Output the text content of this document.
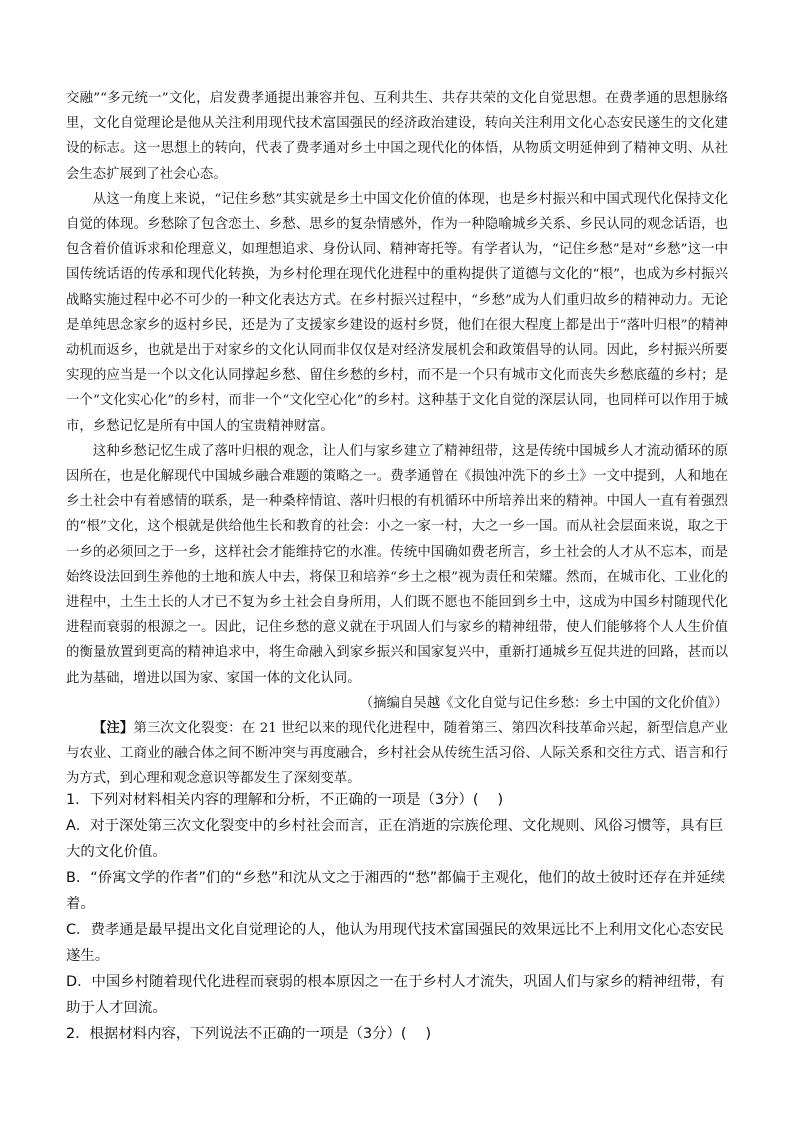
交融”“多元统一”文化，启发费孝通提出兼容并包、互利共生、共存共荣的文化自觉思想。在费孝通的思想脉络里，文化自觉理论是他从关注利用现代技术富国强民的经济政治建设，转向关注利用文化心态安民遂生的文化建设的标志。这一思想上的转向，代表了费孝通对乡土中国之现代化的体悟，从物质文明延伸到了精神文明、从社会生态扩展到了社会心态。

从这一角度上来说，“记住乡愁”其实就是乡土中国文化价值的体现，也是乡村振兴和中国式现代化保持文化自觉的体现。乡愁除了包含恋土、乡愁、思乡的复杂情感外，作为一种隐喻城乡关系、乡民认同的观念话语，也包含着价值诉求和伦理意义，如理想追求、身份认同、精神寄托等。有学者认为，“记住乡愁”是对“乡愁”这一中国传统话语的传承和现代化转换，为乡村伦理在现代化进程中的重构提供了道德与文化的“根”，也成为乡村振兴战略实施过程中必不可少的一种文化表达方式。在乡村振兴过程中，“乡愁”成为人们重归故乡的精神动力。无论是单纯思念家乡的返村乡民，还是为了支援家乡建设的返村乡贤，他们在很大程度上都是出于“落叶归根”的精神动机而返乡，也就是出于对家乡的文化认同而非仅仅是对经济发展机会和政策倡导的认同。因此，乡村振兴所要实现的应当是一个以文化认同撑起乡愁、留住乡愁的乡村，而不是一个只有城市文化而丧失乡愁底蕴的乡村；是一个“文化实心化”的乡村，而非一个“文化空心化”的乡村。这种基于文化自觉的深层认同，也同样可以作用于城市，乡愁记忆是所有中国人的宝贵精神财富。

这种乡愁记忆生成了落叶归根的观念，让人们与家乡建立了精神纽带，这是传统中国城乡人才流动循环的原因所在，也是化解现代中国城乡融合难题的策略之一。费孝通曾在《损蚀冲洗下的乡土》一文中提到，人和地在乡土社会中有着感情的联系，是一种桑梓情谊、落叶归根的有机循环中所培养出来的精神。中国人一直有着强烈的“根”文化，这个根就是供给他生长和教育的社会：小之一家一村，大之一乡一国。而从社会层面来说，取之于一乡的必须回之于一乡，这样社会才能维持它的水准。传统中国确如费老所言，乡土社会的人才从不忘本，而是始终设法回到生养他的土地和族人中去，将保卫和培养“乡土之根”视为责任和荣耀。然而，在城市化、工业化的进程中，土生土长的人才已不复为乡土社会自身所用，人们既不愿也不能回到乡土中，这成为中国乡村随现代化进程而衰弱的根源之一。因此，记住乡愁的意义就在于巩固人们与家乡的精神纽带，使人们能够将个人人生价值的衡量放置到更高的精神追求中，将生命融入到家乡振兴和国家复兴中，重新打通城乡互促共进的回路，甚而以此为基础，增进以国为家、家国一体的文化认同。

（摘编自吴越《文化自觉与记住乡愁：乡土中国的文化价值》）

【注】第三次文化裂变：在 21 世纪以来的现代化进程中，随着第三、第四次科技革命兴起，新型信息产业与农业、工商业的融合体之间不断冲突与再度融合，乡村社会从传统生活习俗、人际关系和交往方式、语言和行为方式，到心理和观念意识等都发生了深刻变革。

1．下列对材料相关内容的理解和分析，不正确的一项是（3分）(　 )

A．对于深处第三次文化裂变中的乡村社会而言，正在消逝的宗族伦理、文化规则、风俗习惯等，具有巨大的文化价值。

B．“侨寓文学的作者”们的“乡愁”和沈从文之于湘西的“愁”都偏于主观化，他们的故土彼时还存在并延续着。

C．费孝通是最早提出文化自觉理论的人，他认为用现代技术富国强民的效果远比不上利用文化心态安民遂生。

D．中国乡村随着现代化进程而衰弱的根本原因之一在于乡村人才流失，巩固人们与家乡的精神纽带，有助于人才回流。

2．根据材料内容，下列说法不正确的一项是（3分）(　 )
